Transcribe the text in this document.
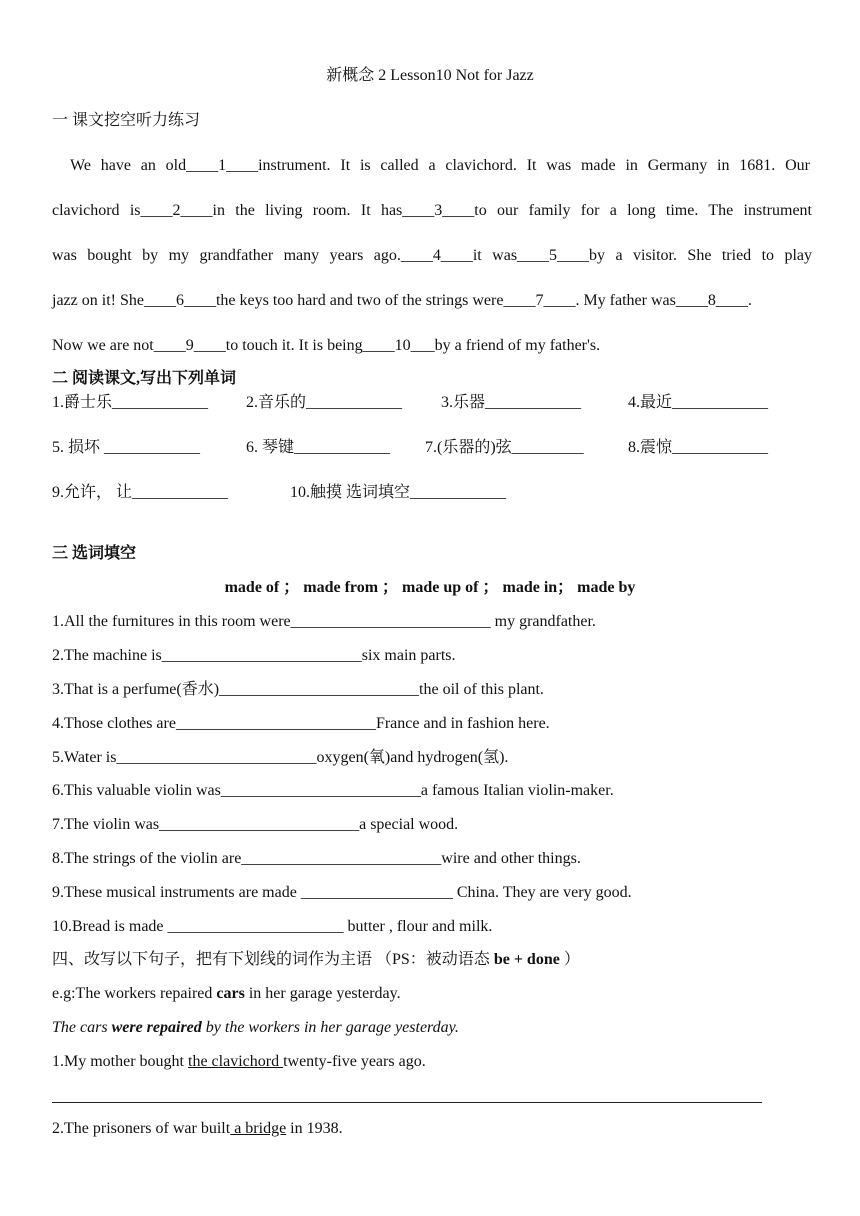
新概念 2 Lesson10 Not for Jazz
一 课文挖空听力练习
We have an old____1____instrument. It is called a clavichord. It was made in Germany in 1681. Our
clavichord is____2____in the living room. It has____3____to our family for a long time. The instrument
was bought by my grandfather many years ago.____4____it was____5____by a visitor. She tried to play
jazz on it! She____6____the keys too hard and two of the strings were____7____. My father was____8____.
Now we are not____9____to touch it. It is being____10___by a friend of my father's.
二 阅读课文,写出下列单词
1.爵士乐____________ 2.音乐的____________ 3.乐器____________	4.最近____________
5. 损坏 ____________	6. 琴键____________ 7.(乐器的)弦_________	8.震惊____________
9.允许， 让____________	10.触摸 选词填空____________
三 选词填空
made of ； made from ； made up of ； made in； made by
1.All the furnitures in this room were_________________________ my grandfather.
2.The machine is_________________________six main parts.
3.That is a perfume(香水)_________________________the oil of this plant.
4.Those clothes are_________________________France and in fashion here.
5.Water is_________________________oxygen(氧)and hydrogen(氢).
6.This valuable violin was_________________________a famous Italian violin-maker.
7.The violin was_________________________a special wood.
8.The strings of the violin are_________________________wire and other things.
9.These musical instruments are made ___________________ China. They are very good.
10.Bread is made ______________________ butter , flour and milk.
四、改写以下句子，把有下划线的词作为主语 （PS：被动语态 be + done ）
e.g:The workers repaired cars in her garage yesterday.
The cars were repaired by the workers in her garage yesterday.
1.My mother bought the clavichord twenty-five years ago.
2.The prisoners of war built a bridge in 1938.
